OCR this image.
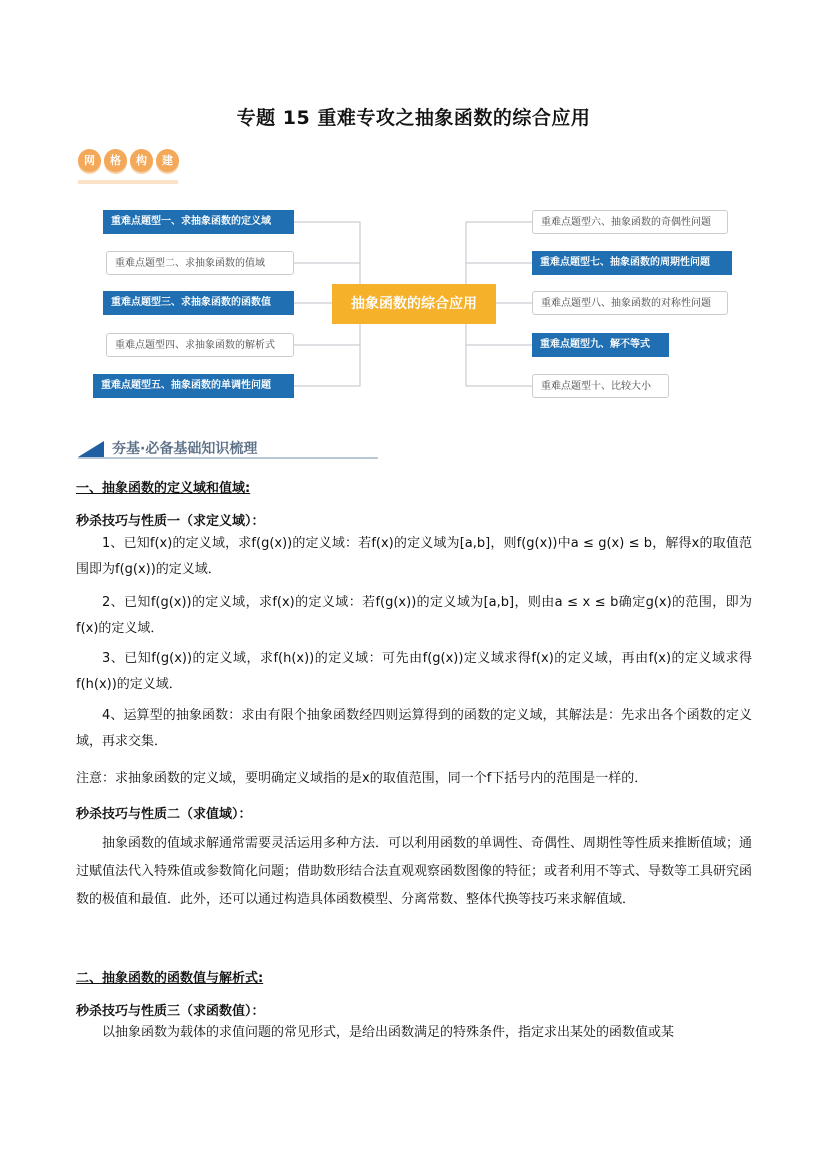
专题 15 重难专攻之抽象函数的综合应用
网	格	构	建
重难点题型一、求抽象函数的定义域
重难点题型二、求抽象函数的值域
重难点题型三、求抽象函数的函数值
重难点题型四、求抽象函数的解析式
重难点题型五、抽象函数的单调性问题
抽象函数的综合应用
重难点题型六、抽象函数的奇偶性问题
重难点题型七、抽象函数的周期性问题
重难点题型八、抽象函数的对称性问题
重难点题型九、解不等式
重难点题型十、比较大小
夯基·必备基础知识梳理
一、抽象函数的定义域和值域:
秒杀技巧与性质一（求定义域）：
1、已知f(x)的定义域，求f(g(x))的定义域：若f(x)的定义域为[a,b]，则f(g(x))中a ≤ g(x) ≤ b，解得x的取值范围即为f(g(x))的定义域．
2、已知f(g(x))的定义域，求f(x)的定义域：若f(g(x))的定义域为[a,b]，则由a ≤ x ≤ b确定g(x)的范围，即为f(x)的定义域．
3、已知f(g(x))的定义域，求f(h(x))的定义域：可先由f(g(x))定义域求得f(x)的定义域，再由f(x)的定义域求得f(h(x))的定义域．
4、运算型的抽象函数：求由有限个抽象函数经四则运算得到的函数的定义域，其解法是：先求出各个函数的定义域，再求交集．
注意：求抽象函数的定义域，要明确定义域指的是x的取值范围，同一个f下括号内的范围是一样的．
秒杀技巧与性质二（求值域）：
抽象函数的值域求解通常需要灵活运用多种方法．可以利用函数的单调性、奇偶性、周期性等性质来推断值域；通过赋值法代入特殊值或参数简化问题；借助数形结合法直观观察函数图像的特征；或者利用不等式、导数等工具研究函数的极值和最值．此外，还可以通过构造具体函数模型、分离常数、整体代换等技巧来求解值域．
二、抽象函数的函数值与解析式:
秒杀技巧与性质三（求函数值）：
以抽象函数为载体的求值问题的常见形式，是给出函数满足的特殊条件，指定求出某处的函数值或某
